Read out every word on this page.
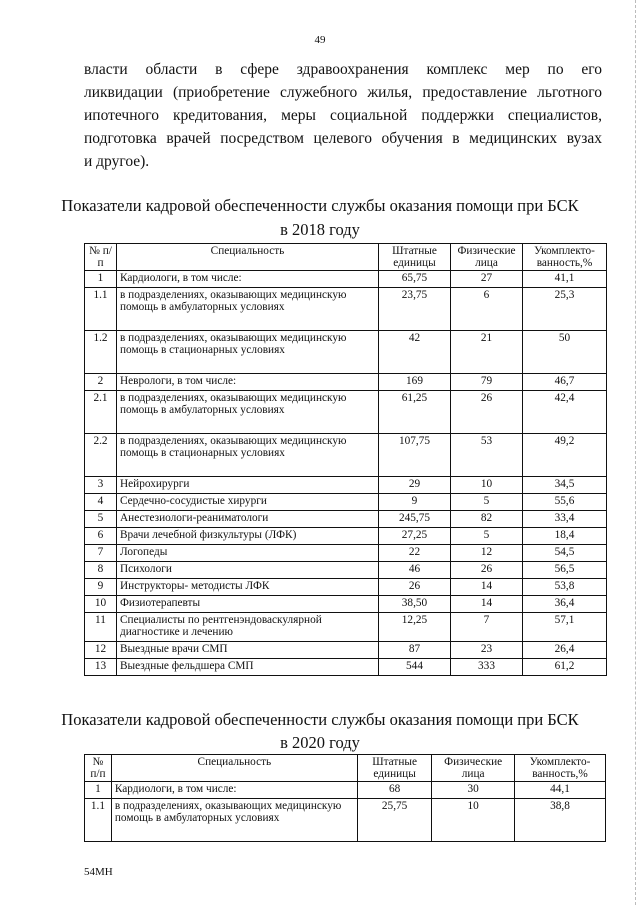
49

власти области в сфере здравоохранения комплекс мер по его
ликвидации (приобретение служебного жилья, предоставление льготного
ипотечного кредитования, меры социальной поддержки специалистов,
подготовка врачей посредством целевого обучения в медицинских вузах
и другое).

Показатели кадровой обеспеченности службы оказания помощи при БСК
в 2018 году
№ п/п	Специальность	Штатные единицы	Физические лица	Укомплекто-ванность,%
1	Кардиологи, в том числе:	65,75	27	41,1
1.1	в подразделениях, оказывающих медицинскую помощь в амбулаторных условиях	23,75	6	25,3
1.2	в подразделениях, оказывающих медицинскую помощь в стационарных условиях	42	21	50
2	Неврологи, в том числе:	169	79	46,7
2.1	в подразделениях, оказывающих медицинскую помощь в амбулаторных условиях	61,25	26	42,4
2.2	в подразделениях, оказывающих медицинскую помощь в стационарных условиях	107,75	53	49,2
3	Нейрохирурги	29	10	34,5
4	Сердечно-сосудистые хирурги	9	5	55,6
5	Анестезиологи-реаниматологи	245,75	82	33,4
6	Врачи лечебной физкультуры (ЛФК)	27,25	5	18,4
7	Логопеды	22	12	54,5
8	Психологи	46	26	56,5
9	Инструкторы- методисты ЛФК	26	14	53,8
10	Физиотерапевты	38,50	14	36,4
11	Специалисты по рентгенэндоваскулярной диагностике и лечению	12,25	7	57,1
12	Выездные врачи СМП	87	23	26,4
13	Выездные фельдшера СМП	544	333	61,2
Показатели кадровой обеспеченности службы оказания помощи при БСК
в 2020 году
№ п/п	Специальность	Штатные единицы	Физические лица	Укомплекто-ванность,%
1	Кардиологи, в том числе:	68	30	44,1
1.1	в подразделениях, оказывающих медицинскую помощь в амбулаторных условиях	25,75	10	38,8
54МН
